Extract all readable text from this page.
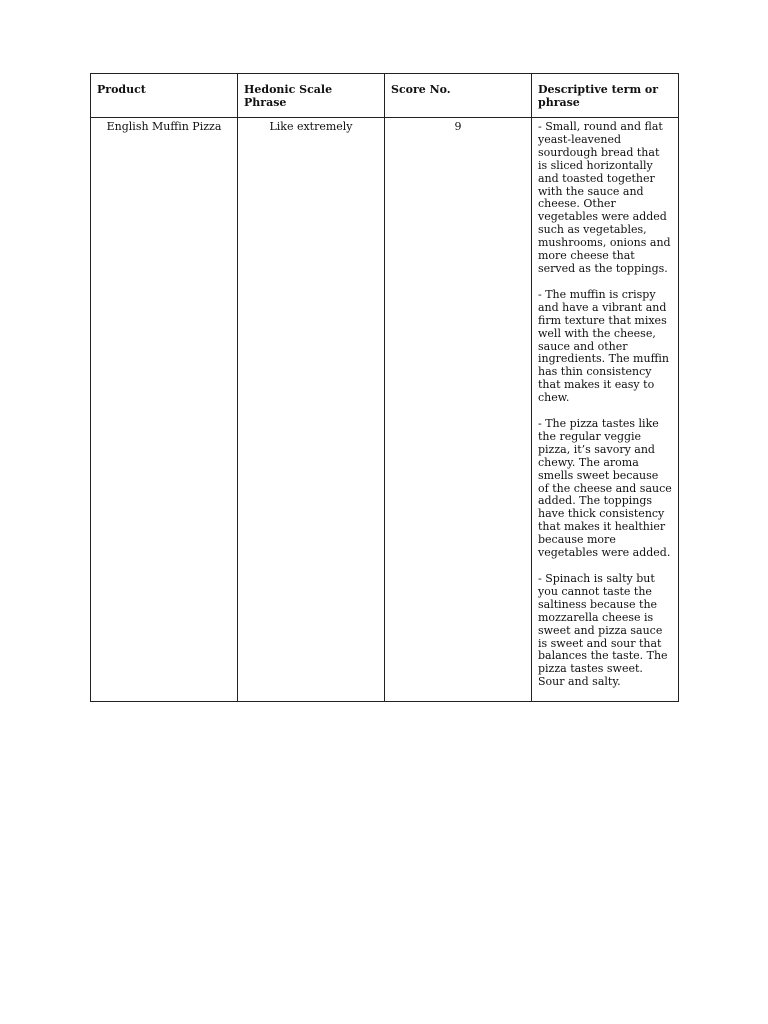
Product	Hedonic Scale Phrase	Score No.	Descriptive term or phrase
English Muffin Pizza	Like extremely	9	- Small, round and flat yeast-leavened sourdough bread that is sliced horizontally and toasted together with the sauce and cheese. Other vegetables were added such as vegetables, mushrooms, onions and more cheese that served as the toppings.

- The muffin is crispy and have a vibrant and firm texture that mixes well with the cheese, sauce and other ingredients. The muffin has thin consistency that makes it easy to chew.

- The pizza tastes like the regular veggie pizza, it’s savory and chewy. The aroma smells sweet because of the cheese and sauce added. The toppings have thick consistency that makes it healthier because more vegetables were added.

- Spinach is salty but you cannot taste the saltiness because the mozzarella cheese is sweet and pizza sauce is sweet and sour that balances the taste. The pizza tastes sweet. Sour and salty.
